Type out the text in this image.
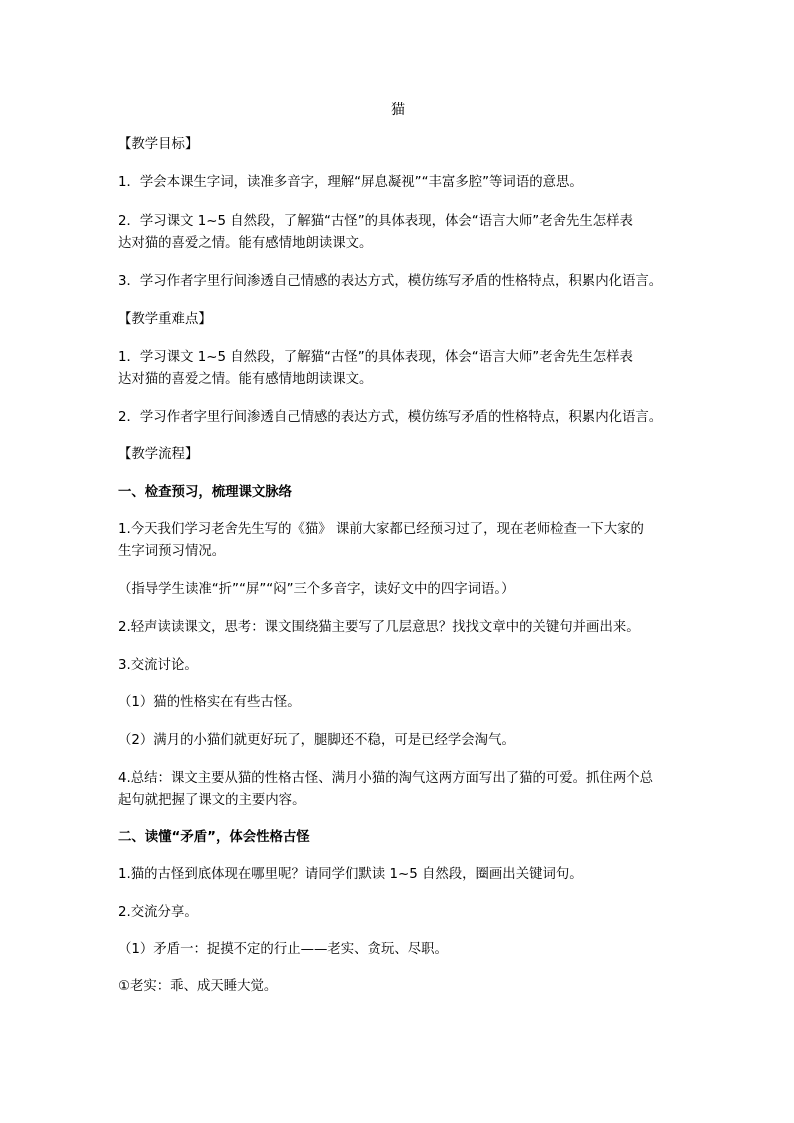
猫
【教学目标】
1．学会本课生字词，读准多音字，理解“屏息凝视”“丰富多腔”等词语的意思。
2．学习课文 1~5 自然段，了解猫“古怪”的具体表现，体会“语言大师”老舍先生怎样表
达对猫的喜爱之情。能有感情地朗读课文。
3．学习作者字里行间渗透自己情感的表达方式，模仿练写矛盾的性格特点，积累内化语言。
【教学重难点】
1．学习课文 1~5 自然段，了解猫“古怪”的具体表现，体会“语言大师”老舍先生怎样表
达对猫的喜爱之情。能有感情地朗读课文。
2．学习作者字里行间渗透自己情感的表达方式，模仿练写矛盾的性格特点，积累内化语言。
【教学流程】
一、检查预习，梳理课文脉络
1.今天我们学习老舍先生写的《猫》 课前大家都已经预习过了，现在老师检查一下大家的
生字词预习情况。
（指导学生读准“折”“屏”“闷”三个多音字，读好文中的四字词语。）
2.轻声读读课文，思考：课文围绕猫主要写了几层意思？找找文章中的关键句并画出来。
3.交流讨论。
（1）猫的性格实在有些古怪。
（2）满月的小猫们就更好玩了，腿脚还不稳，可是已经学会淘气。
4.总结：课文主要从猫的性格古怪、满月小猫的淘气这两方面写出了猫的可爱。抓住两个总
起句就把握了课文的主要内容。
二、读懂“矛盾”，体会性格古怪
1.猫的古怪到底体现在哪里呢？请同学们默读 1~5 自然段，圈画出关键词句。
2.交流分享。
（1）矛盾一：捉摸不定的行止——老实、贪玩、尽职。
①老实：乖、成天睡大觉。
